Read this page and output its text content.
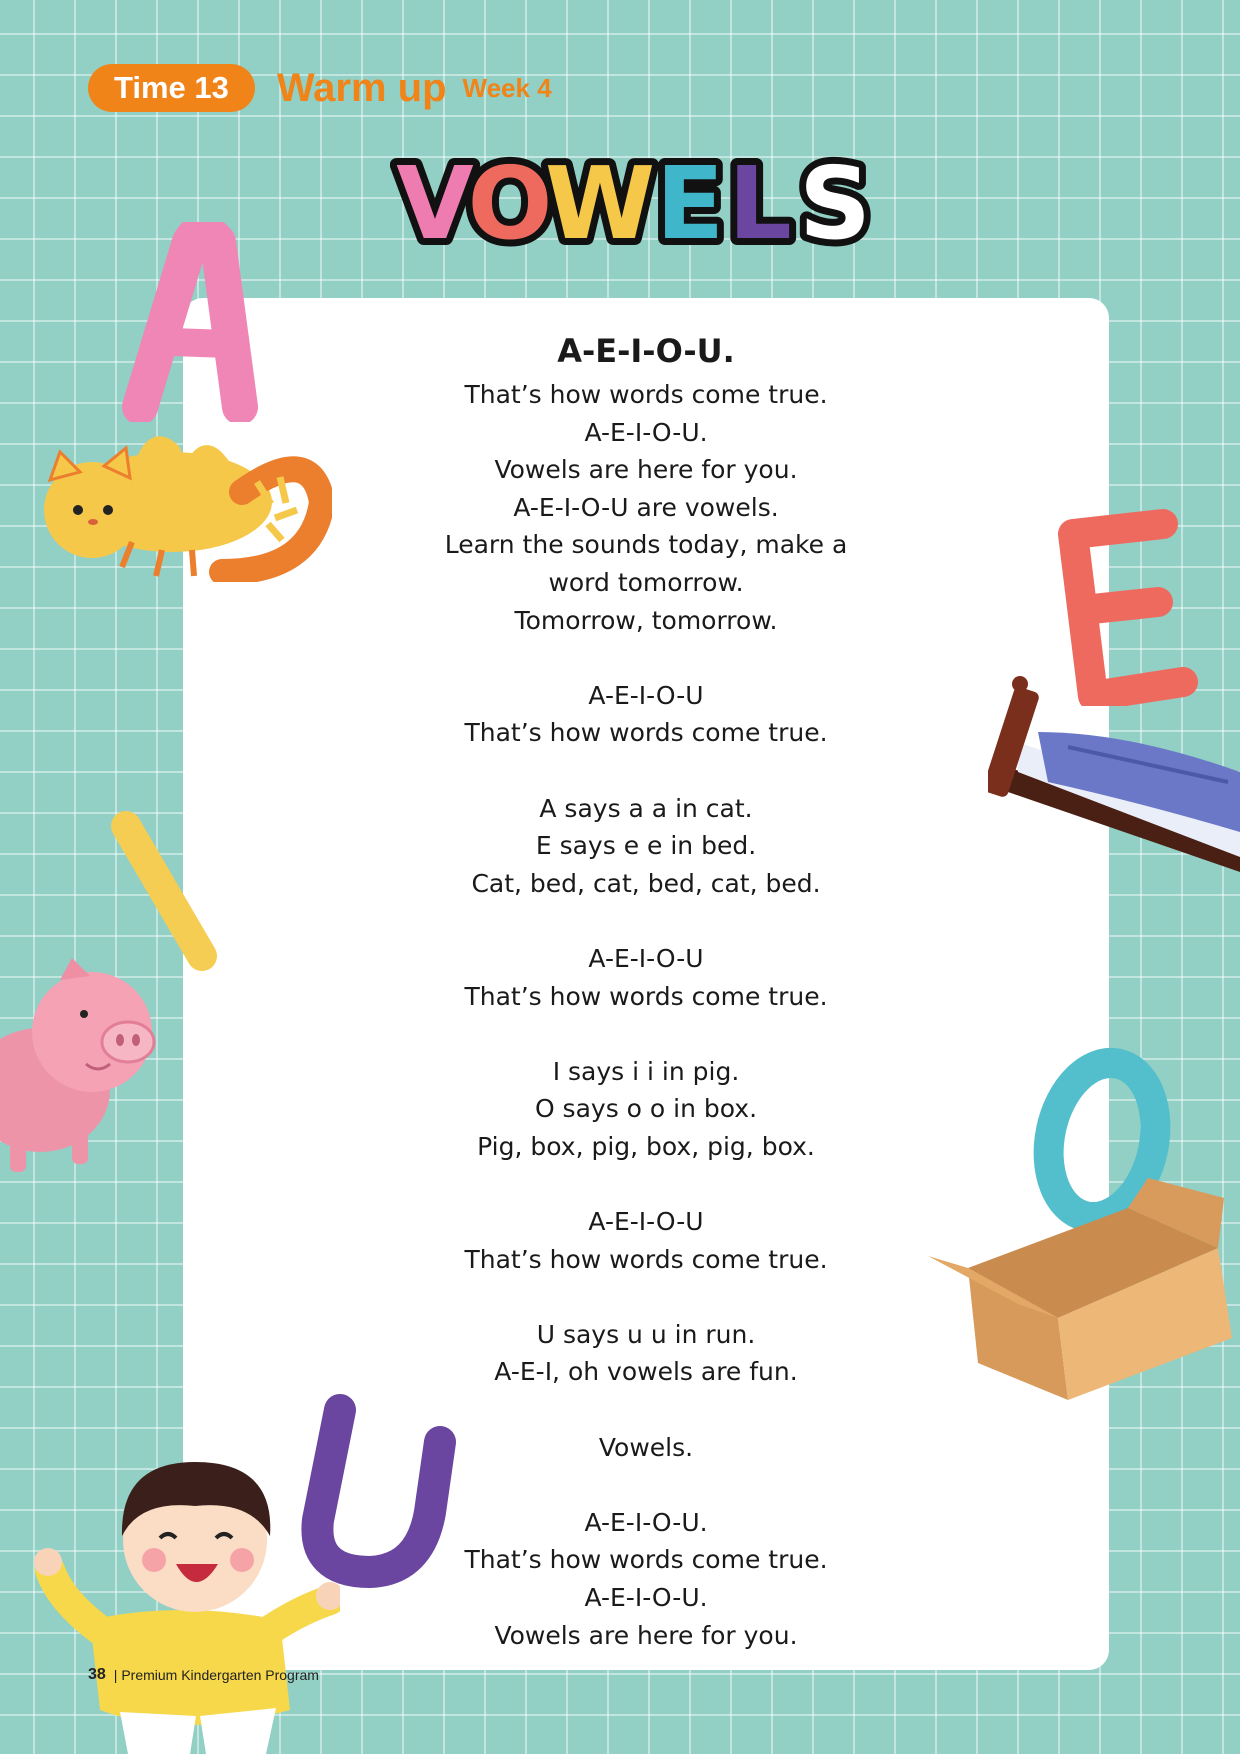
Time 13	Warm up Week 4
V
O
W E L S
A-E-I-O-U.
That’s how words come true.
A-E-I-O-U.
Vowels are here for you.
A-E-I-O-U are vowels.
Learn the sounds today, make a
word tomorrow.
Tomorrow, tomorrow.
A-E-I-O-U
That’s how words come true.
A says a a in cat.
E says e e in bed.
Cat, bed, cat, bed, cat, bed.
A-E-I-O-U
That’s how words come true.
I says i i in pig.
O says o o in box.
Pig, box, pig, box, pig, box.
A-E-I-O-U
That’s how words come true.
U says u u in run.
A-E-I, oh vowels are fun.
Vowels.
A-E-I-O-U.
That’s how words come true.
A-E-I-O-U.
Vowels are here for you.
38 | Premium Kindergarten Program
